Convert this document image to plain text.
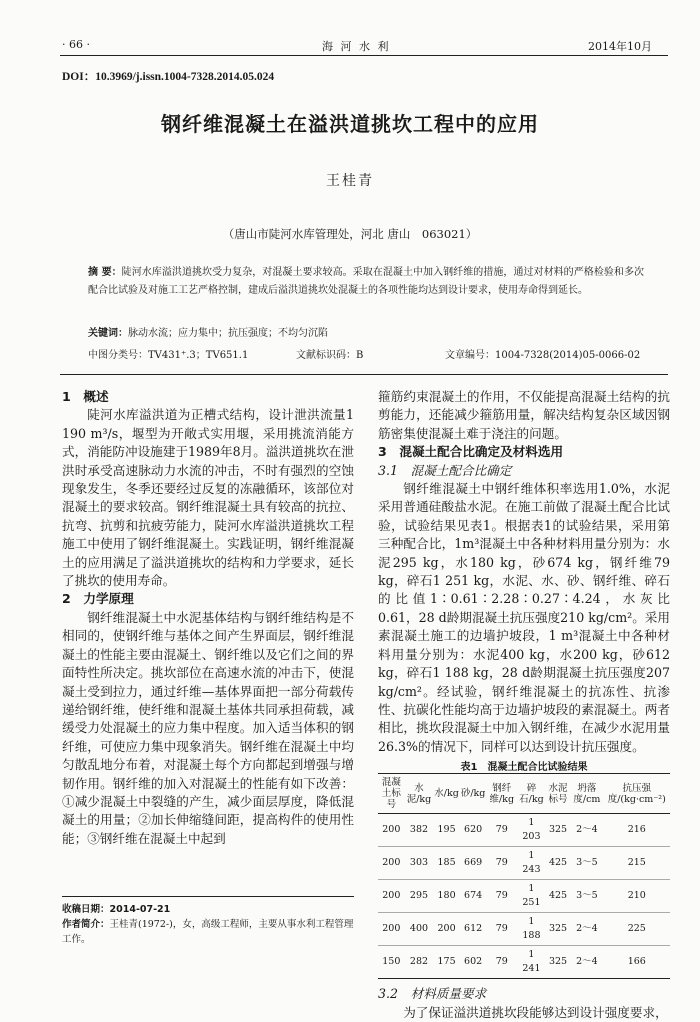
· 66 ·	海 河 水 利	2014年10月
DOI：10.3969/j.issn.1004-7328.2014.05.024
钢纤维混凝土在溢洪道挑坎工程中的应用
王桂青
（唐山市陡河水库管理处，河北 唐山　063021）
摘 要：陡河水库溢洪道挑坎受力复杂，对混凝土要求较高。采取在混凝土中加入钢纤维的措施，通过对材料的严格检验和多次配合比试验及对施工工艺严格控制，建成后溢洪道挑坎处混凝土的各项性能均达到设计要求，使用寿命得到延长。
关键词：脉动水流；应力集中；抗压强度；不均匀沉陷
中图分类号：TV431⁺.3；TV651.1	文献标识码：B	文章编号：1004-7328(2014)05-0066-02

1　概述

陡河水库溢洪道为正槽式结构，设计泄洪流量1 190 m³/s，堰型为开敞式实用堰，采用挑流消能方式，消能防冲设施建于1989年8月。溢洪道挑坎在泄洪时承受高速脉动力水流的冲击，不时有强烈的空蚀现象发生，冬季还要经过反复的冻融循环，该部位对混凝土的要求较高。钢纤维混凝土具有较高的抗拉、抗弯、抗剪和抗疲劳能力，陡河水库溢洪道挑坎工程施工中使用了钢纤维混凝土。实践证明，钢纤维混凝土的应用满足了溢洪道挑坎的结构和力学要求，延长了挑坎的使用寿命。

2　力学原理

钢纤维混凝土中水泥基体结构与钢纤维结构是不相同的，使钢纤维与基体之间产生界面层，钢纤维混凝土的性能主要由混凝土、钢纤维以及它们之间的界面特性所决定。挑坎部位在高速水流的冲击下，使混凝土受到拉力，通过纤维—基体界面把一部分荷载传递给钢纤维，使纤维和混凝土基体共同承担荷载，减缓受力处混凝土的应力集中程度。加入适当体积的钢纤维，可使应力集中现象消失。钢纤维在混凝土中均匀散乱地分布着，对混凝土每个方向都起到增强与增韧作用。钢纤维的加入对混凝土的性能有如下改善：①减少混凝土中裂缝的产生，减少面层厚度，降低混凝土的用量；②加长伸缩缝间距，提高构件的使用性能；③钢纤维在混凝土中起到

收稿日期：2014-07-21
作者简介：王桂青(1972-)，女，高级工程师，主要从事水利工程管理工作。

箍筋约束混凝土的作用，不仅能提高混凝土结构的抗剪能力，还能减少箍筋用量，解决结构复杂区域因钢筋密集使混凝土难于浇注的问题。

3　混凝土配合比确定及材料选用

3.1　混凝土配合比确定

钢纤维混凝土中钢纤维体积率选用1.0%，水泥采用普通硅酸盐水泥。在施工前做了混凝土配合比试验，试验结果见表1。根据表1的试验结果，采用第三种配合比，1m³混凝土中各种材料用量分别为：水泥295 kg，水180 kg，砂674 kg，钢纤维79 kg，碎石1 251 kg，水泥、水、砂、钢纤维、碎石的比值1∶0.61∶2.28∶0.27∶4.24，水灰比0.61，28 d龄期混凝土抗压强度210 kg/cm²。采用素混凝土施工的边墙护坡段，1 m³混凝土中各种材料用量分别为：水泥400 kg，水200 kg，砂612 kg，碎石1 188 kg，28 d龄期混凝土抗压强度207 kg/cm²。经试验，钢纤维混凝土的抗冻性、抗渗性、抗碳化性能均高于边墙护坡段的素混凝土。两者相比，挑坎段混凝土中加入钢纤维，在减少水泥用量26.3%的情况下，同样可以达到设计抗压强度。

表1　混凝土配合比试验结果
混凝土标号	水泥/kg	水/kg	砂/kg	钢纤维/kg	碎石/kg	水泥标号	坍落度/cm	抗压强度/(kg·cm⁻²)
200	382	195	620	79	1 203	325	2～4	216
200	303	185	669	79	1 243	425	3～5	215
200	295	180	674	79	1 251	425	3～5	210
200	400	200	612	79	1 188	325	2～4	225
150	282	175	602	79	1 241	325	2～4	166

3.2　材料质量要求

为了保证溢洪道挑坎段能够达到设计强度要求，
